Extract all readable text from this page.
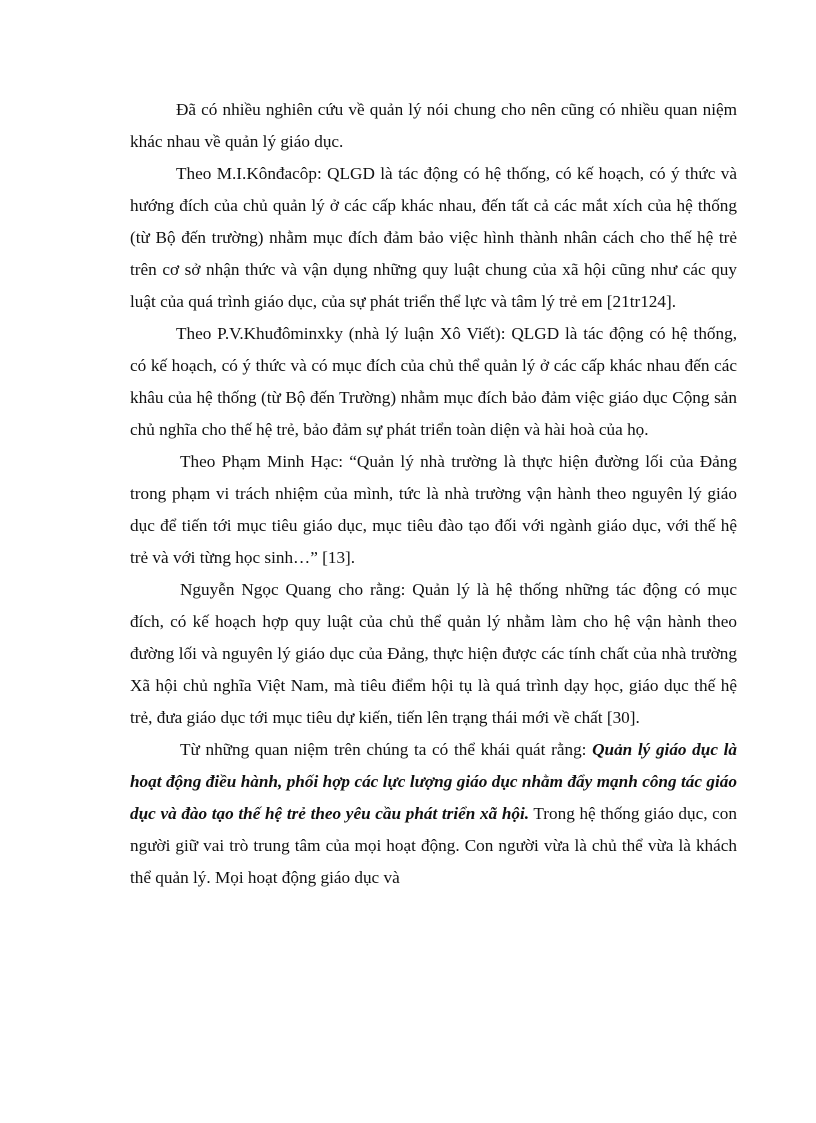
Đã có nhiều nghiên cứu về quản lý nói chung cho nên cũng có nhiều quan niệm khác nhau về quản lý giáo dục.

Theo M.I.Kônđacôp: QLGD là tác động có hệ thống, có kế hoạch, có ý thức và hướng đích của chủ quản lý ở các cấp khác nhau, đến tất cả các mắt xích của hệ thống (từ Bộ đến trường) nhằm mục đích đảm bảo việc hình thành nhân cách cho thế hệ trẻ trên cơ sở nhận thức và vận dụng những quy luật chung của xã hội cũng như các quy luật của quá trình giáo dục, của sự phát triển thể lực và tâm lý trẻ em [21tr124].

Theo P.V.Khuđôminxky (nhà lý luận Xô Viết): QLGD là tác động có hệ thống, có kế hoạch, có ý thức và có mục đích của chủ thể quản lý ở các cấp khác nhau đến các khâu của hệ thống (từ Bộ đến Trường) nhằm mục đích bảo đảm việc giáo dục Cộng sản chủ nghĩa cho thế hệ trẻ, bảo đảm sự phát triển toàn diện và hài hoà của họ.

Theo Phạm Minh Hạc: “Quản lý nhà trường là thực hiện đường lối của Đảng trong phạm vi trách nhiệm của mình, tức là nhà trường vận hành theo nguyên lý giáo dục để tiến tới mục tiêu giáo dục, mục tiêu đào tạo đối với ngành giáo dục, với thế hệ trẻ và với từng học sinh…” [13].

Nguyễn Ngọc Quang cho rằng: Quản lý là hệ thống những tác động có mục đích, có kế hoạch hợp quy luật của chủ thể quản lý nhằm làm cho hệ vận hành theo đường lối và nguyên lý giáo dục của Đảng, thực hiện được các tính chất của nhà trường Xã hội chủ nghĩa Việt Nam, mà tiêu điểm hội tụ là quá trình dạy học, giáo dục thế hệ trẻ, đưa giáo dục tới mục tiêu dự kiến, tiến lên trạng thái mới về chất [30].

Từ những quan niệm trên chúng ta có thể khái quát rằng: Quản lý giáo dục là hoạt động điều hành, phối hợp các lực lượng giáo dục nhằm đẩy mạnh công tác giáo dục và đào tạo thế hệ trẻ theo yêu cầu phát triển xã hội. Trong hệ thống giáo dục, con người giữ vai trò trung tâm của mọi hoạt động. Con người vừa là chủ thể vừa là khách thể quản lý. Mọi hoạt động giáo dục và
